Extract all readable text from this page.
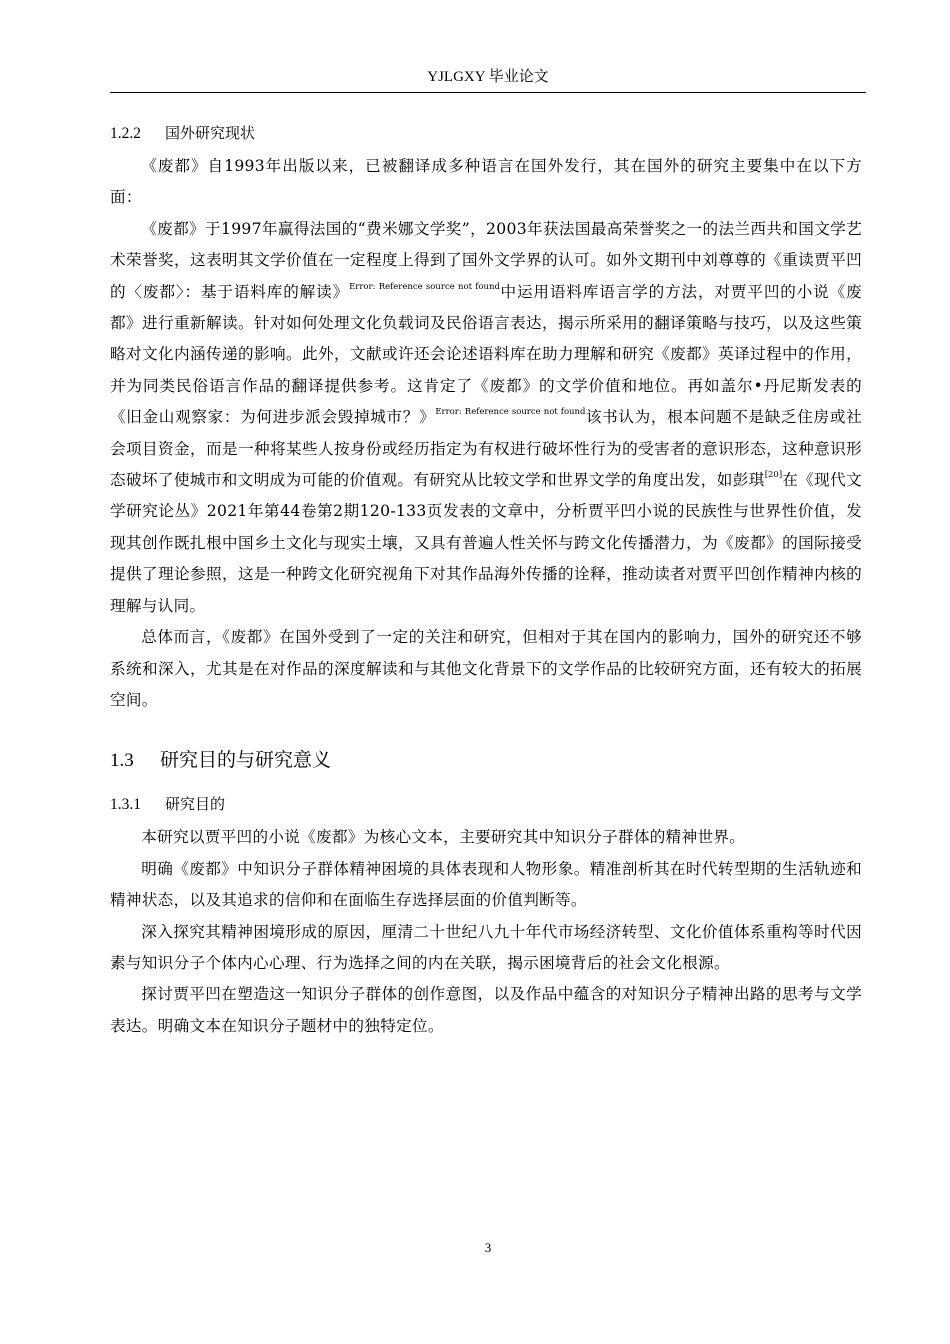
YJLGXY 毕业论文
1.2.2 国外研究现状

《废都》自1993年出版以来，已被翻译成多种语言在国外发行，其在国外的研究主要集中在以下方面：

《废都》于1997年赢得法国的“费米娜文学奖”，2003年获法国最高荣誉奖之一的法兰西共和国文学艺术荣誉奖，这表明其文学价值在一定程度上得到了国外文学界的认可。如外文期刊中刘尊尊的《重读贾平凹的〈废都〉：基于语料库的解读》$^{Error: Reference source not found}$中运用语料库语言学的方法，对贾平凹的小说《废都》进行重新解读。针对如何处理文化负载词及民俗语言表达，揭示所采用的翻译策略与技巧，以及这些策略对文化内涵传递的影响。此外，文献或许还会论述语料库在助力理解和研究《废都》英译过程中的作用，并为同类民俗语言作品的翻译提供参考。这肯定了《废都》的文学价值和地位。再如盖尔•丹尼斯发表的《旧金山观察家：为何进步派会毁掉城市？》$^{Error: Reference source not found}$该书认为，根本问题不是缺乏住房或社会项目资金，而是一种将某些人按身份或经历指定为有权进行破坏性行为的受害者的意识形态，这种意识形态破坏了使城市和文明成为可能的价值观。有研究从比较文学和世界文学的角度出发，如彭琪[20]在《现代文学研究论丛》2021年第44卷第2期120-133页发表的文章中，分析贾平凹小说的民族性与世界性价值，发现其创作既扎根中国乡土文化与现实土壤，又具有普遍人性关怀与跨文化传播潜力，为《废都》的国际接受提供了理论参照，这是一种跨文化研究视角下对其作品海外传播的诠释，推动读者对贾平凹创作精神内核的理解与认同。

总体而言，《废都》在国外受到了一定的关注和研究，但相对于其在国内的影响力，国外的研究还不够系统和深入，尤其是在对作品的深度解读和与其他文化背景下的文学作品的比较研究方面，还有较大的拓展空间。

1.3 研究目的与研究意义
1.3.1 研究目的

本研究以贾平凹的小说《废都》为核心文本，主要研究其中知识分子群体的精神世界。

明确《废都》中知识分子群体精神困境的具体表现和人物形象。精准剖析其在时代转型期的生活轨迹和精神状态，以及其追求的信仰和在面临生存选择层面的价值判断等。

深入探究其精神困境形成的原因，厘清二十世纪八九十年代市场经济转型、文化价值体系重构等时代因素与知识分子个体内心心理、行为选择之间的内在关联，揭示困境背后的社会文化根源。

探讨贾平凹在塑造这一知识分子群体的创作意图，以及作品中蕴含的对知识分子精神出路的思考与文学表达。明确文本在知识分子题材中的独特定位。

3
